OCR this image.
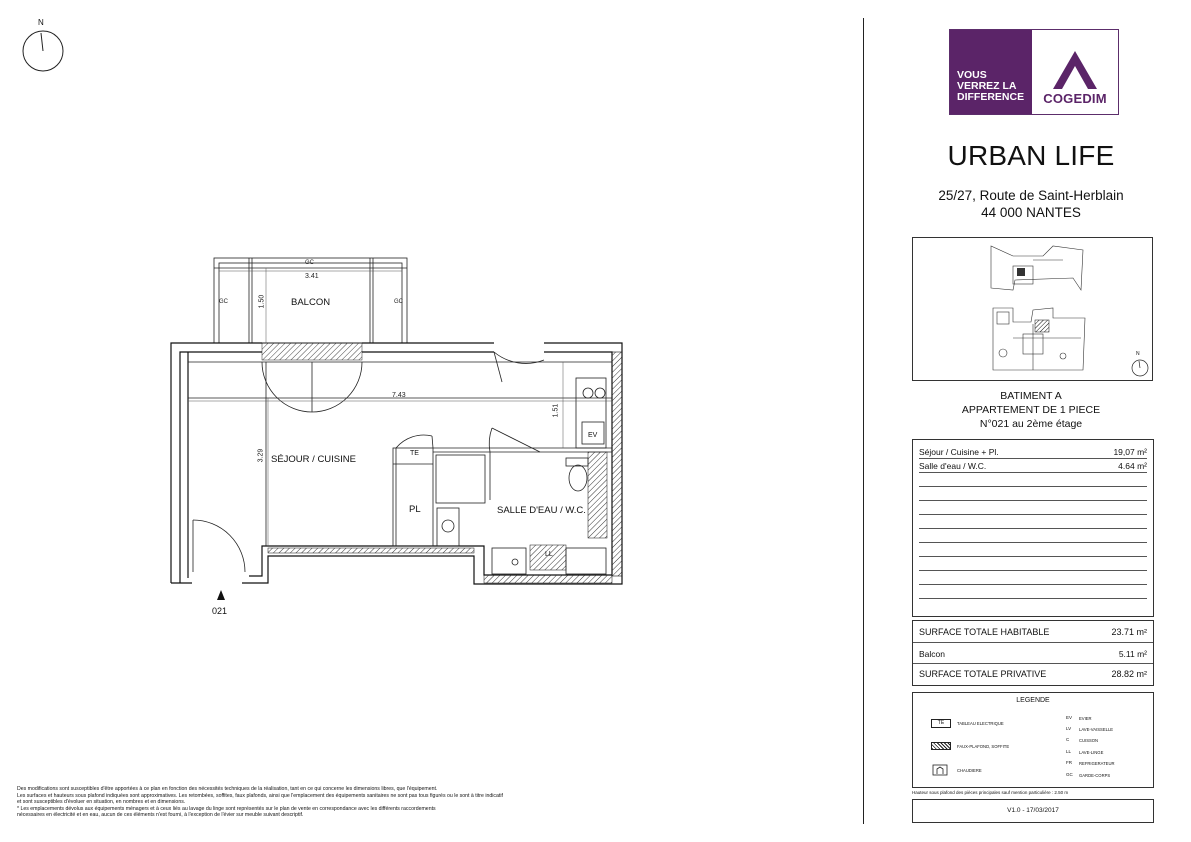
N
3.41
GC
GC	GC
1.50	BALCON
7.43
1.51
3.29 SÉJOUR / CUISINE
PL
TE
SALLE D'EAU / W.C.
EV
LL
021
VOUS
VERREZ LA
DIFFERENCE	COGEDIM
URBAN LIFE
25/27, Route de Saint-Herblain
44 000 NANTES
N
BATIMENT A
APPARTEMENT DE 1 PIECE
N°021 au 2ème étage
Séjour / Cuisine + Pl.	19,07 m²
Salle d'eau / W.C.	4.64 m²
SURFACE TOTALE HABITABLE	23.71 m²
Balcon	5.11 m²
SURFACE TOTALE PRIVATIVE	28.82 m²
LEGENDE
TE	TABLEAU ELECTRIQUE
FAUX-PLAFOND, SOFFITE
CHAUDIERE
EV EVIER
LV LAVE-VAISSELLE
C CUISSON
LL LAVE-LINGE
FR REFRIGERATEUR
GC GARDE-CORPS
Hauteur sous plafond des pièces principales sauf mention particulière : 2.50 m
V1.0 - 17/03/2017
Des modifications sont susceptibles d'être apportées à ce plan en fonction des nécessités techniques de la réalisation, tant en ce qui concerne les dimensions libres, que l'équipement.
Les surfaces et hauteurs sous plafond indiquées sont approximatives. Les retombées, soffites, faux plafonds, ainsi que l'emplacement des équipements sanitaires ne sont pas tous figurés ou le sont à titre indicatif
et sont susceptibles d'évoluer en situation, en nombres et en dimensions.
* Les emplacements dévolus aux équipements ménagers et à ceux liés au lavage du linge sont représentés sur le plan de vente en correspondance avec les différents raccordements
nécessaires en électricité et en eau, aucun de ces éléments n'est fourni, à l'exception de l'évier sur meuble suivant descriptif.
